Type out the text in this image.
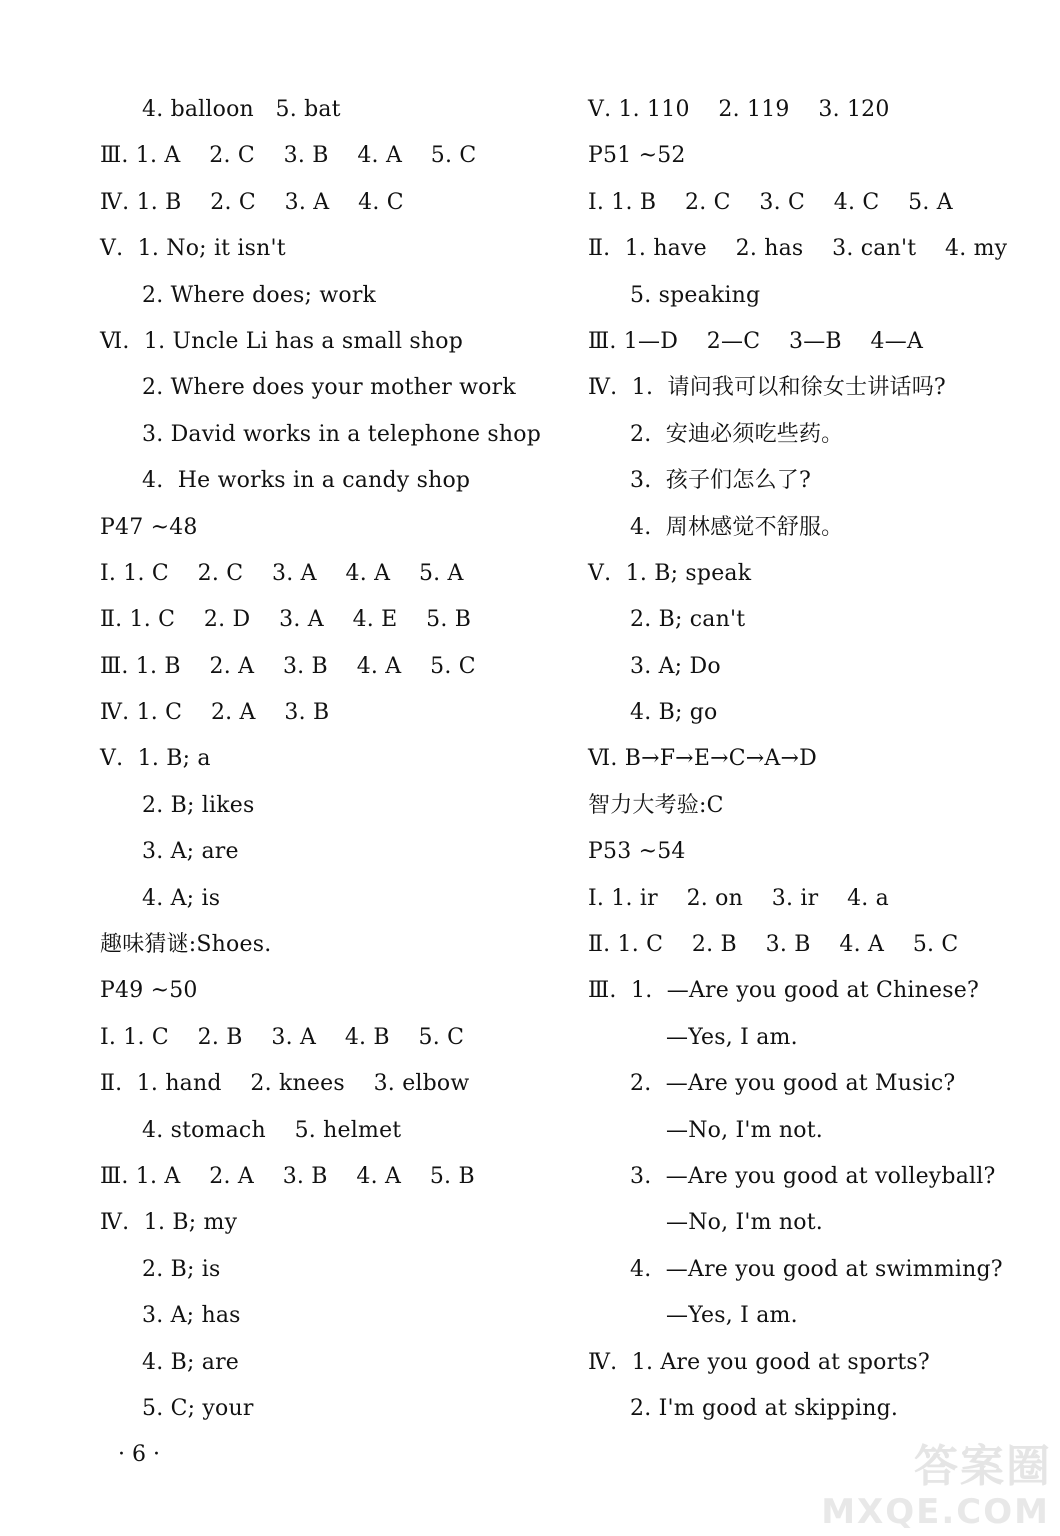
4. balloon   5. bat
Ⅲ. 1. A    2. C    3. B    4. A    5. C
Ⅳ. 1. B    2. C    3. A    4. C
Ⅴ.  1. No; it isn't
2. Where does; work
Ⅵ.  1. Uncle Li has a small shop
2. Where does your mother work
3. David works in a telephone shop
4.  He works in a candy shop
P47 ~48
Ⅰ. 1. C    2. C    3. A    4. A    5. A
Ⅱ. 1. C    2. D    3. A    4. E    5. B
Ⅲ. 1. B    2. A    3. B    4. A    5. C
Ⅳ. 1. C    2. A    3. B
Ⅴ.  1. B; a
2. B; likes
3. A; are
4. A; is
趣味猜谜:Shoes.
P49 ~50
Ⅰ. 1. C    2. B    3. A    4. B    5. C
Ⅱ.  1. hand    2. knees    3. elbow
4. stomach    5. helmet
Ⅲ. 1. A    2. A    3. B    4. A    5. B
Ⅳ.  1. B; my
2. B; is
3. A; has
4. B; are
5. C; your
Ⅴ. 1. 110    2. 119    3. 120
P51 ~52
Ⅰ. 1. B    2. C    3. C    4. C    5. A
Ⅱ.  1. have    2. has    3. can't    4. my
5. speaking
Ⅲ. 1—D    2—C    3—B    4—A
Ⅳ.  1.  请问我可以和徐女士讲话吗?
2.  安迪必须吃些药。
3.  孩子们怎么了?
4.  周林感觉不舒服。
Ⅴ.  1. B; speak
2. B; can't
3. A; Do
4. B; go
Ⅵ. B→F→E→C→A→D
智力大考验:C
P53 ~54
Ⅰ. 1. ir    2. on    3. ir    4. a
Ⅱ. 1. C    2. B    3. B    4. A    5. C
Ⅲ.  1.  —Are you good at Chinese?
—Yes, I am.
2.  —Are you good at Music?
—No, I'm not.
3.  —Are you good at volleyball?
—No, I'm not.
4.  —Are you good at swimming?
—Yes, I am.
Ⅳ.  1. Are you good at sports?
2. I'm good at skipping.
· 6 ·	答案圈
MXQE.COM
